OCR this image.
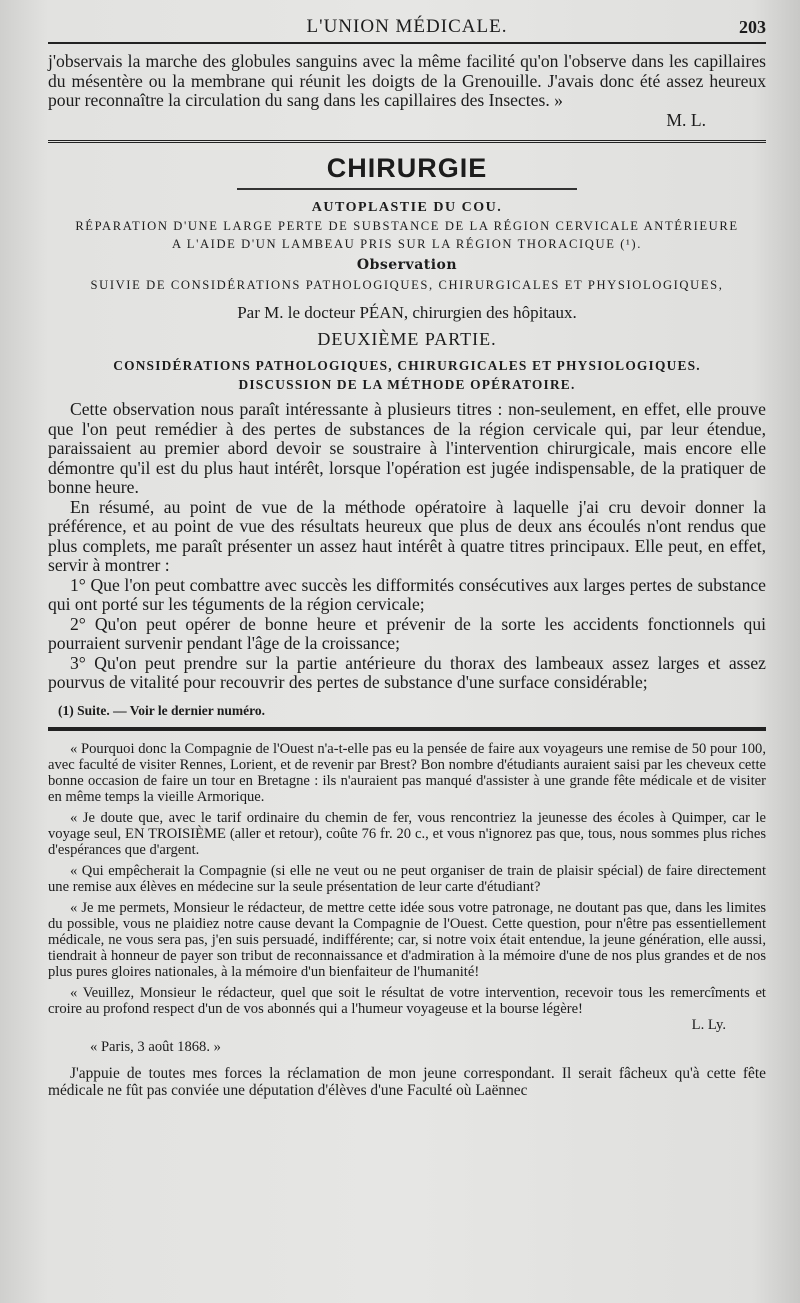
L'UNION MÉDICALE.	203

j'observais la marche des globules sanguins avec la même facilité qu'on l'observe dans les capillaires du mésentère ou la membrane qui réunit les doigts de la Grenouille. J'avais donc été assez heureux pour reconnaître la circulation du sang dans les capillaires des Insectes. »

M. L.
CHIRURGIE
AUTOPLASTIE DU COU.
RÉPARATION D'UNE LARGE PERTE DE SUBSTANCE DE LA RÉGION CERVICALE ANTÉRIEURE
A L'AIDE D'UN LAMBEAU PRIS SUR LA RÉGION THORACIQUE (¹).
Observation
SUIVIE DE CONSIDÉRATIONS PATHOLOGIQUES, CHIRURGICALES ET PHYSIOLOGIQUES,
Par M. le docteur PÉAN, chirurgien des hôpitaux.
DEUXIÈME PARTIE.
CONSIDÉRATIONS PATHOLOGIQUES, CHIRURGICALES ET PHYSIOLOGIQUES.
DISCUSSION DE LA MÉTHODE OPÉRATOIRE.

Cette observation nous paraît intéressante à plusieurs titres : non-seulement, en effet, elle prouve que l'on peut remédier à des pertes de substances de la région cervicale qui, par leur étendue, paraissaient au premier abord devoir se soustraire à l'intervention chirurgicale, mais encore elle démontre qu'il est du plus haut intérêt, lorsque l'opération est jugée indispensable, de la pratiquer de bonne heure.

En résumé, au point de vue de la méthode opératoire à laquelle j'ai cru devoir donner la préférence, et au point de vue des résultats heureux que plus de deux ans écoulés n'ont rendus que plus complets, me paraît présenter un assez haut intérêt à quatre titres principaux. Elle peut, en effet, servir à montrer :

1° Que l'on peut combattre avec succès les difformités consécutives aux larges pertes de substance qui ont porté sur les téguments de la région cervicale;

2° Qu'on peut opérer de bonne heure et prévenir de la sorte les accidents fonctionnels qui pourraient survenir pendant l'âge de la croissance;

3° Qu'on peut prendre sur la partie antérieure du thorax des lambeaux assez larges et assez pourvus de vitalité pour recouvrir des pertes de substance d'une surface considérable;

(1) Suite. — Voir le dernier numéro.

« Pourquoi donc la Compagnie de l'Ouest n'a-t-elle pas eu la pensée de faire aux voyageurs une remise de 50 pour 100, avec faculté de visiter Rennes, Lorient, et de revenir par Brest? Bon nombre d'étudiants auraient saisi par les cheveux cette bonne occasion de faire un tour en Bretagne : ils n'auraient pas manqué d'assister à une grande fête médicale et de visiter en même temps la vieille Armorique.

« Je doute que, avec le tarif ordinaire du chemin de fer, vous rencontriez la jeunesse des écoles à Quimper, car le voyage seul, EN TROISIÈME (aller et retour), coûte 76 fr. 20 c., et vous n'ignorez pas que, tous, nous sommes plus riches d'espérances que d'argent.

« Qui empêcherait la Compagnie (si elle ne veut ou ne peut organiser de train de plaisir spécial) de faire directement une remise aux élèves en médecine sur la seule présentation de leur carte d'étudiant?

« Je me permets, Monsieur le rédacteur, de mettre cette idée sous votre patronage, ne doutant pas que, dans les limites du possible, vous ne plaidiez notre cause devant la Compagnie de l'Ouest. Cette question, pour n'être pas essentiellement médicale, ne vous sera pas, j'en suis persuadé, indifférente; car, si notre voix était entendue, la jeune génération, elle aussi, tiendrait à honneur de payer son tribut de reconnaissance et d'admiration à la mémoire d'une de nos plus grandes et de nos plus pures gloires nationales, à la mémoire d'un bienfaiteur de l'humanité!

« Veuillez, Monsieur le rédacteur, quel que soit le résultat de votre intervention, recevoir tous les remercîments et croire au profond respect d'un de vos abonnés qui a l'humeur voyageuse et la bourse légère!

L. Ly.
« Paris, 3 août 1868. »

J'appuie de toutes mes forces la réclamation de mon jeune correspondant. Il serait fâcheux qu'à cette fête médicale ne fût pas conviée une députation d'élèves d'une Faculté où Laënnec
